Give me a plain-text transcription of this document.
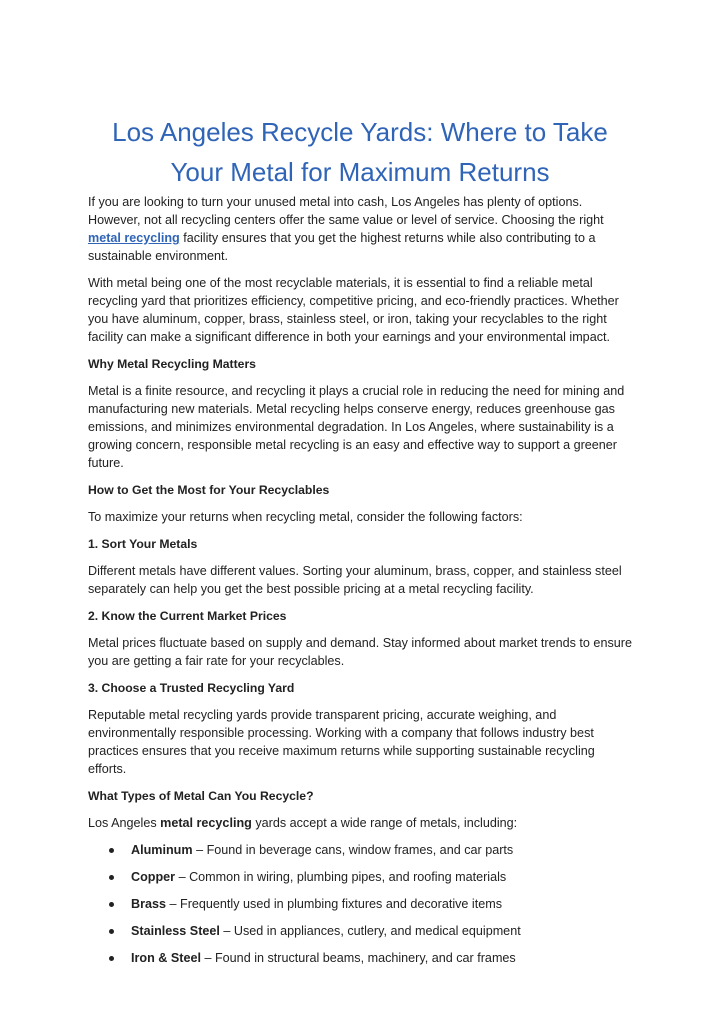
Los Angeles Recycle Yards: Where to Take
Your Metal for Maximum Returns

If you are looking to turn your unused metal into cash, Los Angeles has plenty of options. However, not all recycling centers offer the same value or level of service. Choosing the right metal recycling facility ensures that you get the highest returns while also contributing to a sustainable environment.

With metal being one of the most recyclable materials, it is essential to find a reliable metal recycling yard that prioritizes efficiency, competitive pricing, and eco-friendly practices. Whether you have aluminum, copper, brass, stainless steel, or iron, taking your recyclables to the right facility can make a significant difference in both your earnings and your environmental impact.

Why Metal Recycling Matters

Metal is a finite resource, and recycling it plays a crucial role in reducing the need for mining and manufacturing new materials. Metal recycling helps conserve energy, reduces greenhouse gas emissions, and minimizes environmental degradation. In Los Angeles, where sustainability is a growing concern, responsible metal recycling is an easy and effective way to support a greener future.

How to Get the Most for Your Recyclables

To maximize your returns when recycling metal, consider the following factors:

1. Sort Your Metals

Different metals have different values. Sorting your aluminum, brass, copper, and stainless steel separately can help you get the best possible pricing at a metal recycling facility.

2. Know the Current Market Prices

Metal prices fluctuate based on supply and demand. Stay informed about market trends to ensure you are getting a fair rate for your recyclables.

3. Choose a Trusted Recycling Yard

Reputable metal recycling yards provide transparent pricing, accurate weighing, and environmentally responsible processing. Working with a company that follows industry best practices ensures that you receive maximum returns while supporting sustainable recycling efforts.

What Types of Metal Can You Recycle?

Los Angeles metal recycling yards accept a wide range of metals, including:

Aluminum – Found in beverage cans, window frames, and car parts
Copper – Common in wiring, plumbing pipes, and roofing materials
Brass – Frequently used in plumbing fixtures and decorative items
Stainless Steel – Used in appliances, cutlery, and medical equipment
Iron & Steel – Found in structural beams, machinery, and car frames
